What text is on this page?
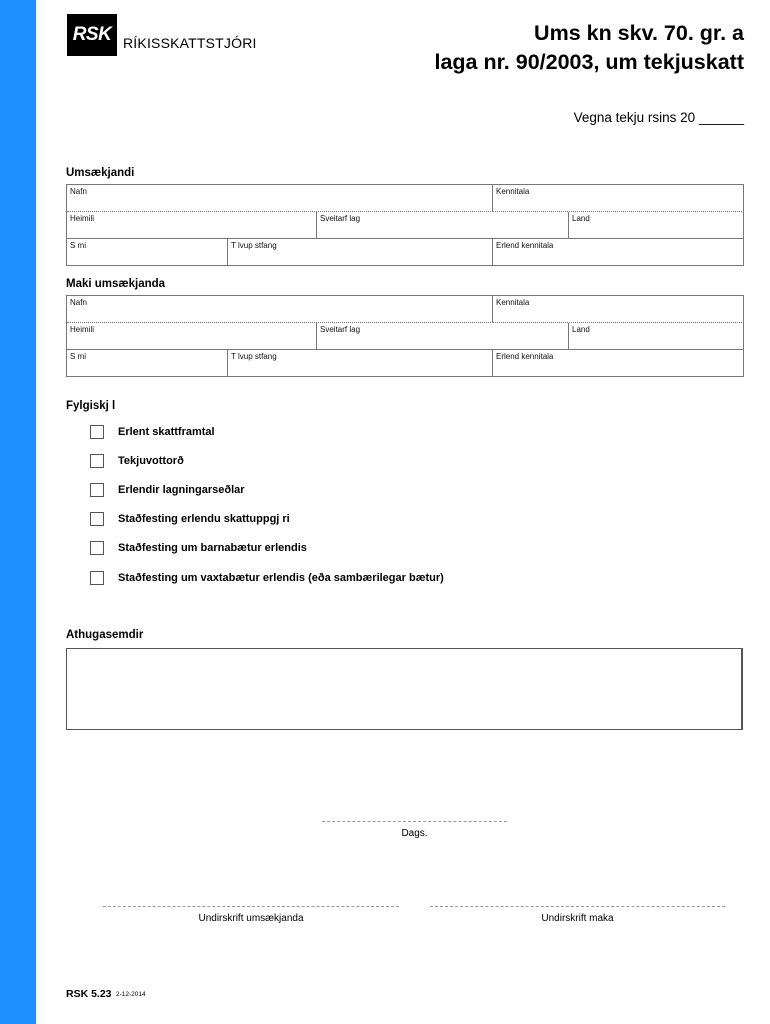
RSK RÍKISSKATTSTJÓRI	Ums kn skv. 70. gr. a
laga nr. 90/2003, um tekjuskatt
Vegna tekju rsins 20 ______
Umsækjandi
Nafn	Kennitala
Heimili	Sveitarf lag	Land
S mi	T lvup stfang	Erlend kennitala
Maki umsækjanda
Nafn	Kennitala
Heimili	Sveitarf lag	Land
S mi	T lvup stfang	Erlend kennitala
Fylgiskj l
Erlent skattframtal
Tekjuvottorð
Erlendir lagningarseðlar
Staðfesting erlendu skattuppgj ri
Staðfesting um barnabætur erlendis
Staðfesting um vaxtabætur erlendis (eða sambærilegar bætur)
Athugasemdir
Dags.
Undirskrift umsækjanda	Undirskrift maka
RSK 5.23 2-12-2014
